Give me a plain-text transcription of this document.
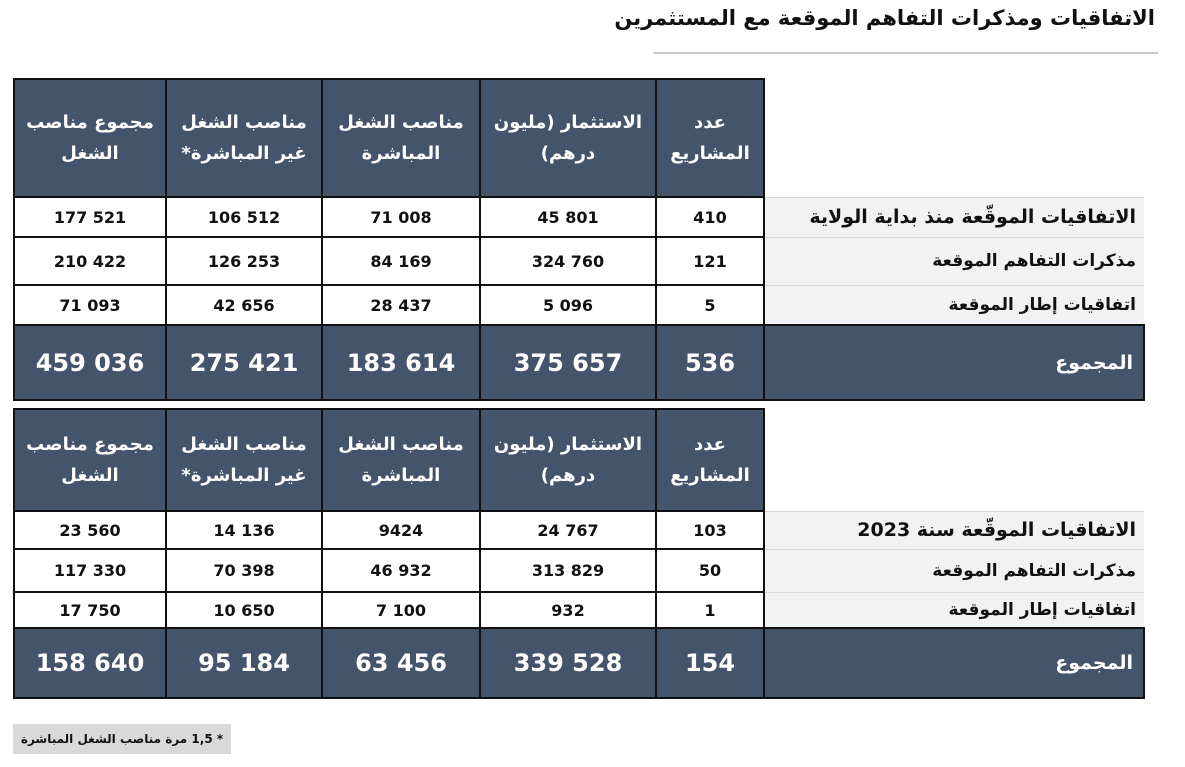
الاتفاقيات ومذكرات التفاهم الموقعة مع المستثمرين
مجموع مناصب الشغل	مناصب الشغل غير المباشرة*	مناصب الشغل المباشرة	الاستثمار (مليون درهم)	عدد المشاريع	
177 521	106 512	71 008	45 801	410	الاتفاقيات الموقّعة منذ بداية الولاية
210 422	126 253	84 169	324 760	121	مذكرات التفاهم الموقعة
71 093	42 656	28 437	5 096	5	اتفاقيات إطار الموقعة
459 036	275 421	183 614	375 657	536	المجموع
مجموع مناصب الشغل	مناصب الشغل غير المباشرة*	مناصب الشغل المباشرة	الاستثمار (مليون درهم)	عدد المشاريع	
23 560	14 136	9424	24 767	103	الاتفاقيات الموقّعة سنة 2023
117 330	70 398	46 932	313 829	50	مذكرات التفاهم الموقعة
17 750	10 650	7 100	932	1	اتفاقيات إطار الموقعة
158 640	95 184	63 456	339 528	154	المجموع
* 1,5 مرة مناصب الشغل المباشرة
